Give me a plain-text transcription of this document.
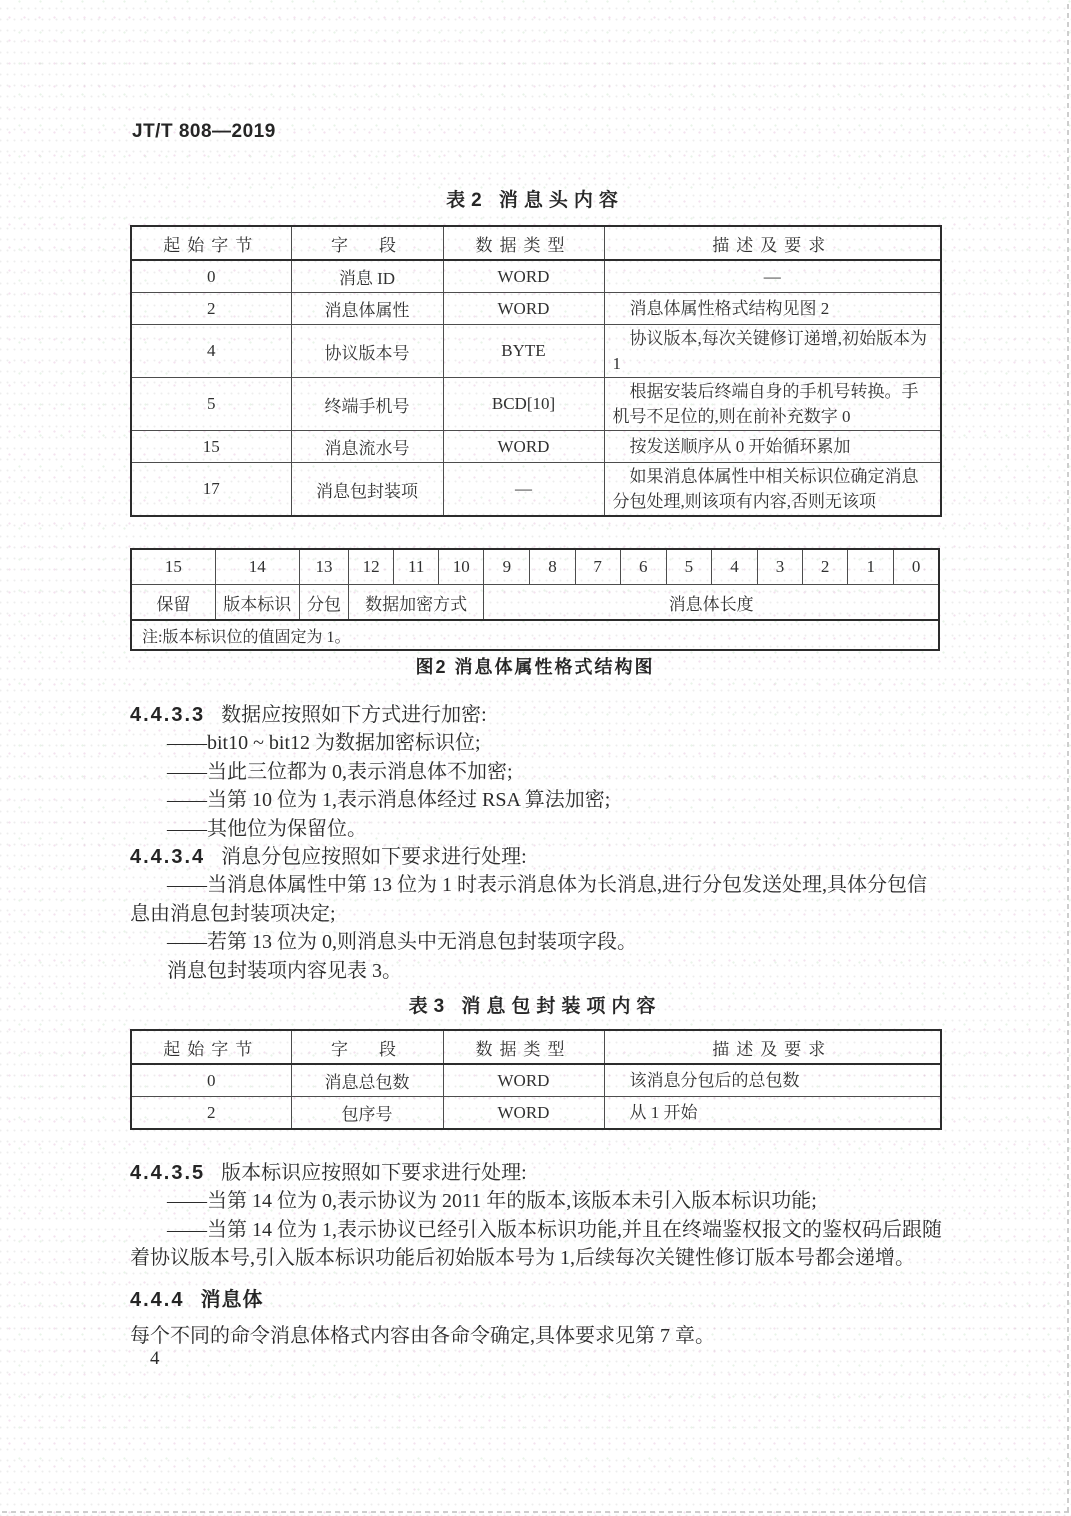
JT/T 808—2019
表2 消息头内容
起始字节	字　段	数据类型	描述及要求
0	消息 ID	WORD	—
2	消息体属性	WORD	消息体属性格式结构见图 2
4	协议版本号	BYTE	协议版本,每次关键修订递增,初始版本为 1
5	终端手机号	BCD[10]	根据安装后终端自身的手机号转换。手机号不足位的,则在前补充数字 0
15	消息流水号	WORD	按发送顺序从 0 开始循环累加
17	消息包封装项	—	如果消息体属性中相关标识位确定消息分包处理,则该项有内容,否则无该项
15	14	13	12	11	10	9	8	7	6	5	4	3	2	1	0
保留	版本标识	分包	数据加密方式			消息体长度									
注:版本标识位的值固定为 1。															
图2 消息体属性格式结构图

4.4.3.3 数据应按照如下方式进行加密:

——bit10 ~ bit12 为数据加密标识位;

——当此三位都为 0,表示消息体不加密;

——当第 10 位为 1,表示消息体经过 RSA 算法加密;

——其他位为保留位。

4.4.3.4 消息分包应按照如下要求进行处理:

——当消息体属性中第 13 位为 1 时表示消息体为长消息,进行分包发送处理,具体分包信息由消息包封装项决定;

——若第 13 位为 0,则消息头中无消息包封装项字段。

消息包封装项内容见表 3。

表3 消息包封装项内容
起始字节	字　段	数据类型	描述及要求
0	消息总包数	WORD	该消息分包后的总包数
2	包序号	WORD	从 1 开始

4.4.3.5 版本标识应按照如下要求进行处理:

——当第 14 位为 0,表示协议为 2011 年的版本,该版本未引入版本标识功能;

——当第 14 位为 1,表示协议已经引入版本标识功能,并且在终端鉴权报文的鉴权码后跟随着协议版本号,引入版本标识功能后初始版本号为 1,后续每次关键性修订版本号都会递增。

4.4.4 消息体

每个不同的命令消息体格式内容由各命令确定,具体要求见第 7 章。

4
